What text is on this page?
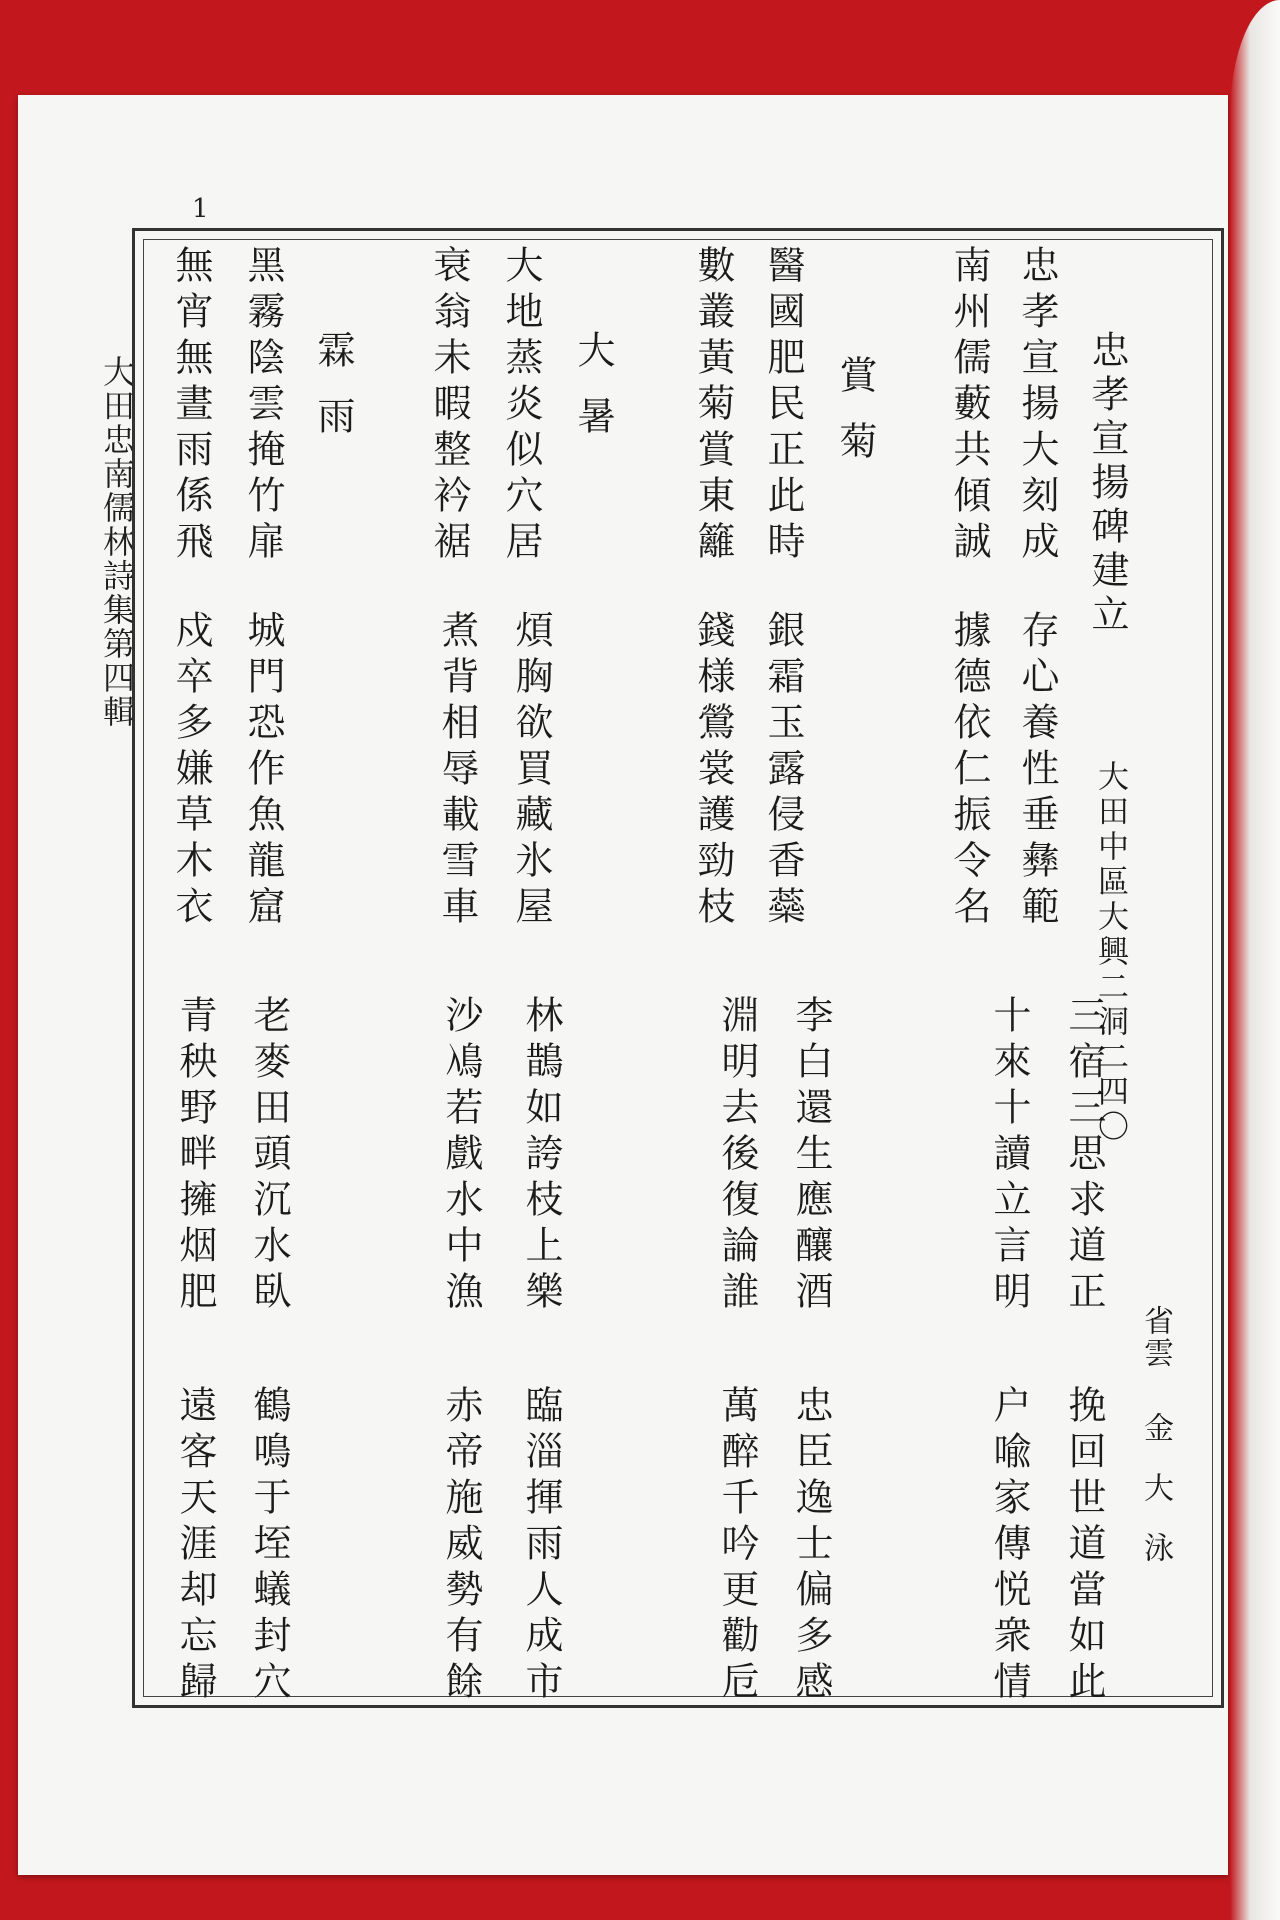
1
大田忠南儒林詩集第四輯	忠孝宣揚碑建立
大田中區大興二洞二四〇
省雲
金大泳
忠孝宣揚大刻成
存心養性垂彝範
三宿三思求道正
挽回世道當如此
南州儒藪共傾誠
據德依仁振令名
十來十讀立言明
户喩家傳悦衆情
賞菊
醫國肥民正此時
銀霜玉露侵香蘂
李白還生應釀酒
忠臣逸士偏多感
數叢黃菊賞東籬
錢様鶯裳護勁枝
淵明去後復論誰
萬醉千吟更勸卮
大暑
大地蒸炎似穴居
煩胸欲買藏氷屋
林鵲如誇枝上樂
臨淄揮雨人成市
衰翁未暇整衿裾
煮背相辱載雪車
沙鳰若戲水中漁
赤帝施威勢有餘
霖雨
黑霧陰雲掩竹扉
城門恐作魚龍窟
老麥田頭沉水臥
鶴鳴于垤蟻封穴
無宵無晝雨係飛
戍卒多嫌草木衣
青秧野畔擁烟肥
遠客天涯却忘歸
